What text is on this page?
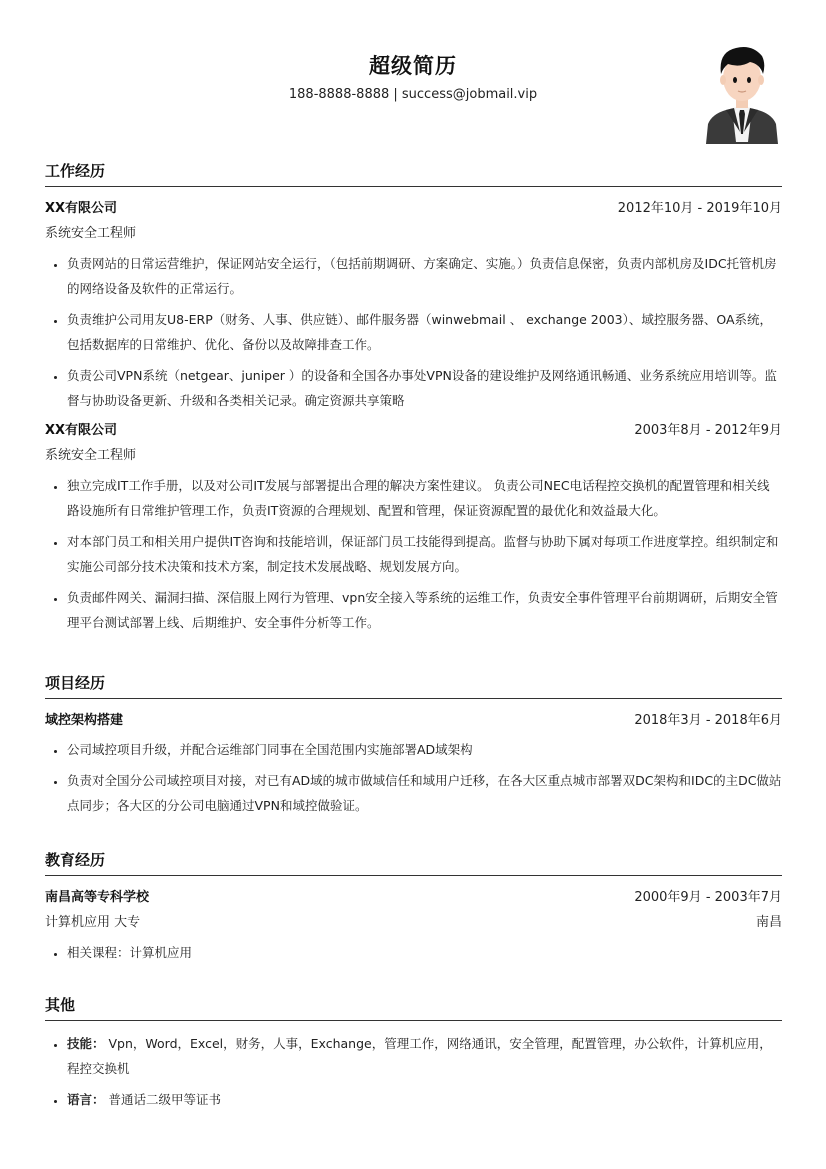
超级简历
188-8888-8888 | success@jobmail.vip
工作经历
XX有限公司	2012年10月 - 2019年10月
系统安全工程师
• 负责网站的日常运营维护，保证网站安全运行，（包括前期调研、方案确定、实施。）负责信息保密，负责内部机房及IDC托管机房的网络设备及软件的正常运行。
• 负责维护公司用友U8-ERP（财务、人事、供应链）、邮件服务器（winwebmail 、 exchange 2003）、域控服务器、OA系统，包括数据库的日常维护、优化、备份以及故障排查工作。
• 负责公司VPN系统（netgear、juniper ）的设备和全国各办事处VPN设备的建设维护及网络通讯畅通、业务系统应用培训等。监督与协助设备更新、升级和各类相关记录。确定资源共享策略
XX有限公司	2003年8月 - 2012年9月
系统安全工程师
• 独立完成IT工作手册，以及对公司IT发展与部署提出合理的解决方案性建议。 负责公司NEC电话程控交换机的配置管理和相关线路设施所有日常维护管理工作，负责IT资源的合理规划、配置和管理，保证资源配置的最优化和效益最大化。
• 对本部门员工和相关用户提供IT咨询和技能培训，保证部门员工技能得到提高。监督与协助下属对每项工作进度掌控。组织制定和实施公司部分技术决策和技术方案，制定技术发展战略、规划发展方向。
• 负责邮件网关、漏洞扫描、深信服上网行为管理、vpn安全接入等系统的运维工作，负责安全事件管理平台前期调研，后期安全管理平台测试部署上线、后期维护、安全事件分析等工作。
项目经历
域控架构搭建	2018年3月 - 2018年6月
• 公司域控项目升级，并配合运维部门同事在全国范围内实施部署AD域架构
• 负责对全国分公司域控项目对接，对已有AD域的城市做域信任和域用户迁移，在各大区重点城市部署双DC架构和IDC的主DC做站点同步；各大区的分公司电脑通过VPN和域控做验证。
教育经历
南昌高等专科学校	2000年9月 - 2003年7月
计算机应用 大专	南昌
• 相关课程：计算机应用
其他
• 技能： Vpn，Word，Excel，财务，人事，Exchange，管理工作，网络通讯，安全管理，配置管理，办公软件，计算机应用，程控交换机
• 语言： 普通话二级甲等证书
